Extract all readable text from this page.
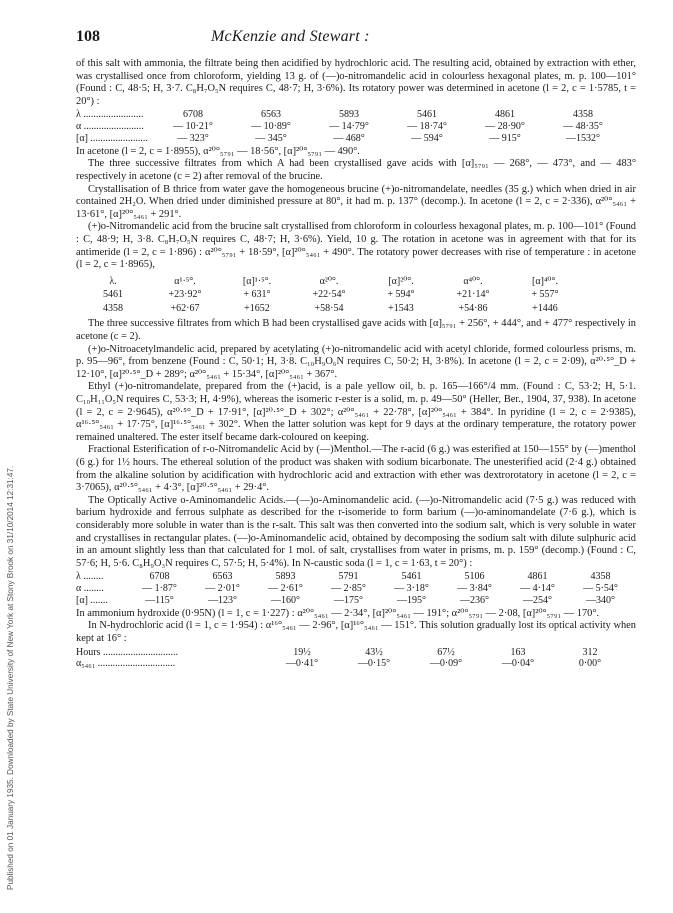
Published on 01 January 1935. Downloaded by State University of New York at Stony Brook on 31/10/2014 12:31:47.
108	McKenzie and Stewart :

of this salt with ammonia, the filtrate being then acidified by hydrochloric acid. The resulting acid, obtained by extraction with ether, was crystallised once from chloroform, yielding 13 g. of (—)o-nitromandelic acid in colourless hexagonal plates, m. p. 100—101° (Found : C, 48·5; H, 3·7. C₈H₇O₅N requires C, 48·7; H, 3·6%). Its rotatory power was determined in acetone (l = 2, c = 1·5785, t = 20°) :

λ ........................	6708	6563	5893	5461	4861	4358
α ........................	— 10·21°	— 10·89°	— 14·79°	— 18·74°	— 28·90°	— 48·35°
[α] .......................	— 323°	— 345°	— 468°	— 594°	— 915°	—1532°

In acetone (l = 2, c = 1·8955), α²⁰°₅₇₉₁ — 18·56°, [α]²⁰°₅₇₉₁ — 490°.

The three successive filtrates from which A had been crystallised gave acids with [α]₅₇₉₁ — 268°, — 473°, and — 483° respectively in acetone (c = 2) after removal of the brucine.

Crystallisation of B thrice from water gave the homogeneous brucine (+)o-nitromandelate, needles (35 g.) which when dried in air contained 2H₂O. When dried under diminished pressure at 80°, it had m. p. 137° (decomp.). In acetone (l = 2, c = 2·336), α²⁰°₅₄₆₁ + 13·61°, [α]²⁰°₅₄₆₁ + 291°.

(+)o-Nitromandelic acid from the brucine salt crystallised from chloroform in colourless hexagonal plates, m. p. 100—101° (Found : C, 48·9; H, 3·8. C₈H₇O₅N requires C, 48·7; H, 3·6%). Yield, 10 g. The rotation in acetone was in agreement with that for its antimeride (l = 2, c = 1·896) : α²⁰°₅₇₉₁ + 18·59°, [α]²⁰°₅₄₆₁ + 490°. The rotatory power decreases with rise of temperature : in acetone (l = 2, c = 1·8965),

λ.	α¹·⁵°.	[α]¹·⁵°.	α²⁰°.	[α]²⁰°.	α⁴⁰°.	[α]⁴⁰°.
5461	+23·92°	+ 631°	+22·54°	+ 594°	+21·14°	+ 557°
4358	+62·67	+1652	+58·54	+1543	+54·86	+1446

The three successive filtrates from which B had been crystallised gave acids with [α]₅₇₉₁ + 256°, + 444°, and + 477° respectively in acetone (c = 2).

(+)o-Nitroacetylmandelic acid, prepared by acetylating (+)o-nitromandelic acid with acetyl chloride, formed colourless prisms, m. p. 95—96°, from benzene (Found : C, 50·1; H, 3·8. C₁₀H₉O₆N requires C, 50·2; H, 3·8%). In acetone (l = 2, c = 2·09), α²⁰·⁵°_D + 12·10°, [α]²⁰·⁵°_D + 289°; α²⁰°₅₄₆₁ + 15·34°, [α]²⁰°₅₄₆₁ + 367°.

Ethyl (+)o-nitromandelate, prepared from the (+)acid, is a pale yellow oil, b. p. 165—166°/4 mm. (Found : C, 53·2; H, 5·1. C₁₀H₁₁O₅N requires C, 53·3; H, 4·9%), whereas the isomeric r-ester is a solid, m. p. 49—50° (Heller, Ber., 1904, 37, 938). In acetone (l = 2, c = 2·9645), α²⁰·⁵°_D + 17·91°, [α]²⁰·⁵°_D + 302°; α²⁰°₅₄₆₁ + 22·78°, [α]²⁰°₅₄₆₁ + 384°. In pyridine (l = 2, c = 2·9385), α¹⁶·⁵°₅₄₆₁ + 17·75°, [α]¹⁶·⁵°₅₄₆₁ + 302°. When the latter solution was kept for 9 days at the ordinary temperature, the rotatory power remained unaltered. The ester itself became dark-coloured on keeping.

Fractional Esterification of r-o-Nitromandelic Acid by (—)Menthol.—The r-acid (6 g.) was esterified at 150—155° by (—)menthol (6 g.) for 1½ hours. The ethereal solution of the product was shaken with sodium bicarbonate. The unesterified acid (2·4 g.) obtained from the alkaline solution by acidification with hydrochloric acid and extraction with ether was dextrorotatory in acetone (l = 2, c = 3·7065), α²⁰·⁵°₅₄₆₁ + 4·3°, [α]²⁰·⁵°₅₄₆₁ + 29·4°.

The Optically Active o-Aminomandelic Acids.—(—)o-Aminomandelic acid. (—)o-Nitromandelic acid (7·5 g.) was reduced with barium hydroxide and ferrous sulphate as described for the r-isomeride to form barium (—)o-aminomandelate (7·6 g.), which is considerably more soluble in water than is the r-salt. This salt was then converted into the sodium salt, which is very soluble in water and crystallises in rectangular plates. (—)o-Aminomandelic acid, obtained by decomposing the sodium salt with dilute sulphuric acid in an amount slightly less than that calculated for 1 mol. of salt, crystallises from water in prisms, m. p. 159° (decomp.) (Found : C, 57·6; H, 5·6. C₈H₉O₃N requires C, 57·5; H, 5·4%). In N-caustic soda (l = 1, c = 1·63, t = 20°) :

λ ........	6708	6563	5893	5791	5461	5106	4861	4358
α ........	— 1·87°	— 2·01°	— 2·61°	— 2·85°	— 3·18°	— 3·84°	— 4·14°	— 5·54°
[α] .......	—115°	—123°	—160°	—175°	—195°	—236°	—254°	—340°

In ammonium hydroxide (0·95N) (l = 1, c = 1·227) : α²⁰°₅₄₆₁ — 2·34°, [α]²⁰°₅₄₆₁ — 191°; α²⁰°₅₇₉₁ — 2·08, [α]²⁰°₅₇₉₁ — 170°.

In N-hydrochloric acid (l = 1, c = 1·954) : α¹⁶°₅₄₆₁ — 2·96°, [α]¹⁶°₅₄₆₁ — 151°. This solution gradually lost its optical activity when kept at 16° :

Hours ..............................	19½	43½	67½	163	312
α₅₄₆₁ ...............................	—0·41°	—0·15°	—0·09°	—0·04°	0·00°
